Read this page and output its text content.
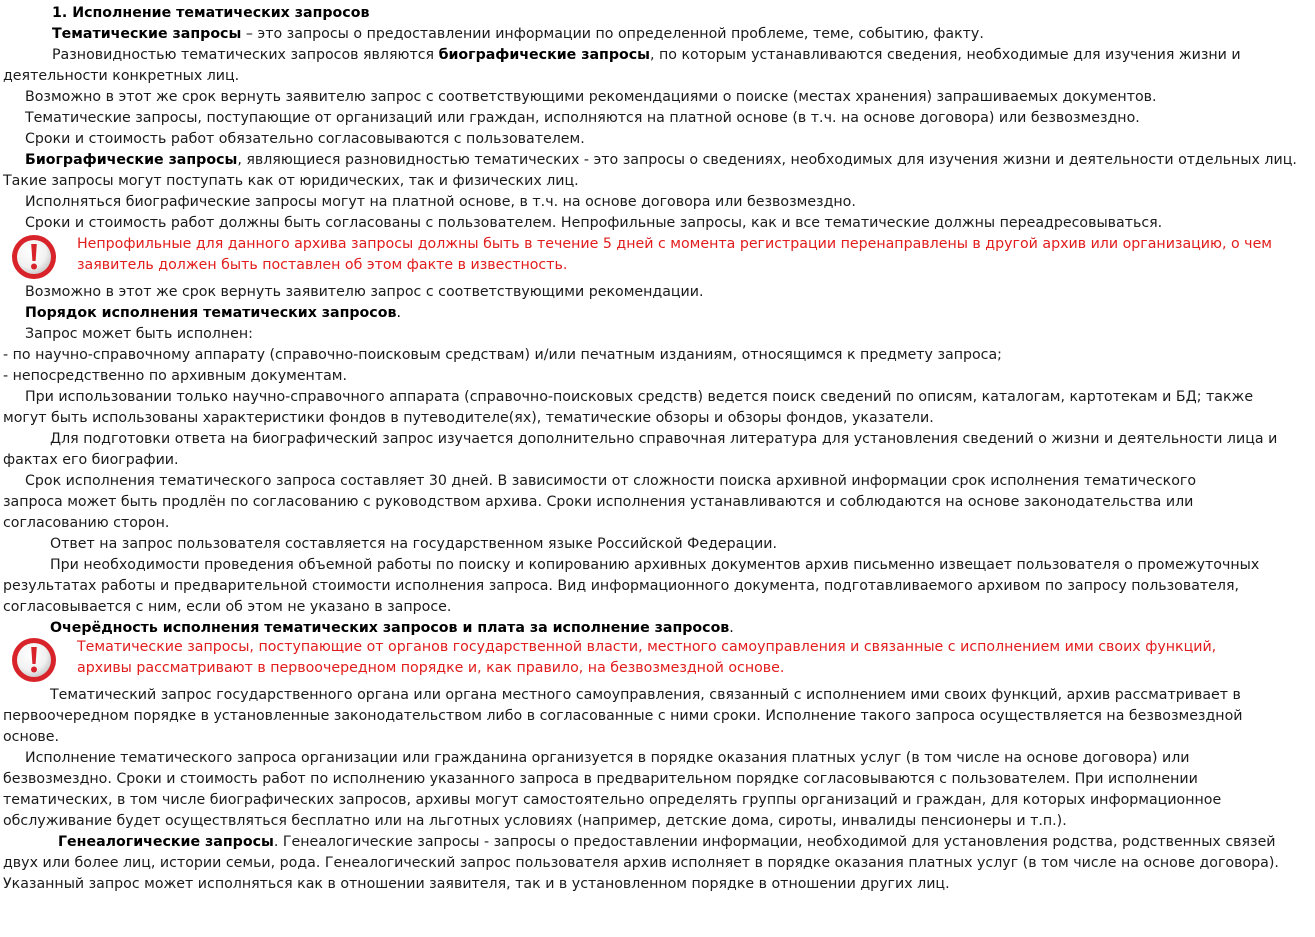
1. Исполнение тематических запросов
Тематические запросы – это запросы о предоставлении информации по определенной проблеме, теме, событию, факту.
Разновидностью тематических запросов являются биографические запросы, по которым устанавливаются сведения, необходимые для изучения жизни и
деятельности конкретных лиц.
Возможно в этот же срок вернуть заявителю запрос с соответствующими рекомендациями о поиске (местах хранения) запрашиваемых документов.
Тематические запросы, поступающие от организаций или граждан, исполняются на платной основе (в т.ч. на основе договора) или безвозмездно.
Сроки и стоимость работ обязательно согласовываются с пользователем.
Биографические запросы, являющиеся разновидностью тематических - это запросы о сведениях, необходимых для изучения жизни и деятельности отдельных лиц.
Такие запросы могут поступать как от юридических, так и физических лиц.
Исполняться биографические запросы могут на платной основе, в т.ч. на основе договора или безвозмездно.
Сроки и стоимость работ должны быть согласованы с пользователем. Непрофильные запросы, как и все тематические должны переадресовываться.
Непрофильные для данного архива запросы должны быть в течение 5 дней с момента регистрации перенаправлены в другой архив или организацию, о чем
заявитель должен быть поставлен об этом факте в известность.
Возможно в этот же срок вернуть заявителю запрос с соответствующими рекомендации.
Порядок исполнения тематических запросов.
Запрос может быть исполнен:
- по научно-справочному аппарату (справочно-поисковым средствам) и/или печатным изданиям, относящимся к предмету запроса;
- непосредственно по архивным документам.
При использовании только научно-справочного аппарата (справочно-поисковых средств) ведется поиск сведений по описям, каталогам, картотекам и БД; также
могут быть использованы характеристики фондов в путеводителе(ях), тематические обзоры и обзоры фондов, указатели.
Для подготовки ответа на биографический запрос изучается дополнительно справочная литература для установления сведений о жизни и деятельности лица и
фактах его биографии.
Срок исполнения тематического запроса составляет 30 дней. В зависимости от сложности поиска архивной информации срок исполнения тематического
запроса может быть продлён по согласованию с руководством архива. Сроки исполнения устанавливаются и соблюдаются на основе законодательства или
согласованию сторон.
Ответ на запрос пользователя составляется на государственном языке Российской Федерации.
При необходимости проведения объемной работы по поиску и копированию архивных документов архив письменно извещает пользователя о промежуточных
результатах работы и предварительной стоимости исполнения запроса. Вид информационного документа, подготавливаемого архивом по запросу пользователя,
согласовывается с ним, если об этом не указано в запросе.
Очерёдность исполнения тематических запросов и плата за исполнение запросов.
Тематические запросы, поступающие от органов государственной власти, местного самоуправления и связанные с исполнением ими своих функций,
архивы рассматривают в первоочередном порядке и, как правило, на безвозмездной основе.
Тематический запрос государственного органа или органа местного самоуправления, связанный с исполнением ими своих функций, архив рассматривает в
первоочередном порядке в установленные законодательством либо в согласованные с ними сроки. Исполнение такого запроса осуществляется на безвозмездной
основе.
Исполнение тематического запроса организации или гражданина организуется в порядке оказания платных услуг (в том числе на основе договора) или
безвозмездно. Сроки и стоимость работ по исполнению указанного запроса в предварительном порядке согласовываются с пользователем. При исполнении
тематических, в том числе биографических запросов, архивы могут самостоятельно определять группы организаций и граждан, для которых информационное
обслуживание будет осуществляться бесплатно или на льготных условиях (например, детские дома, сироты, инвалиды пенсионеры и т.п.).
Генеалогические запросы. Генеалогические запросы - запросы о предоставлении информации, необходимой для установления родства, родственных связей
двух или более лиц, истории семьи, рода. Генеалогический запрос пользователя архив исполняет в порядке оказания платных услуг (в том числе на основе договора).
Указанный запрос может исполняться как в отношении заявителя, так и в установленном порядке в отношении других лиц.
